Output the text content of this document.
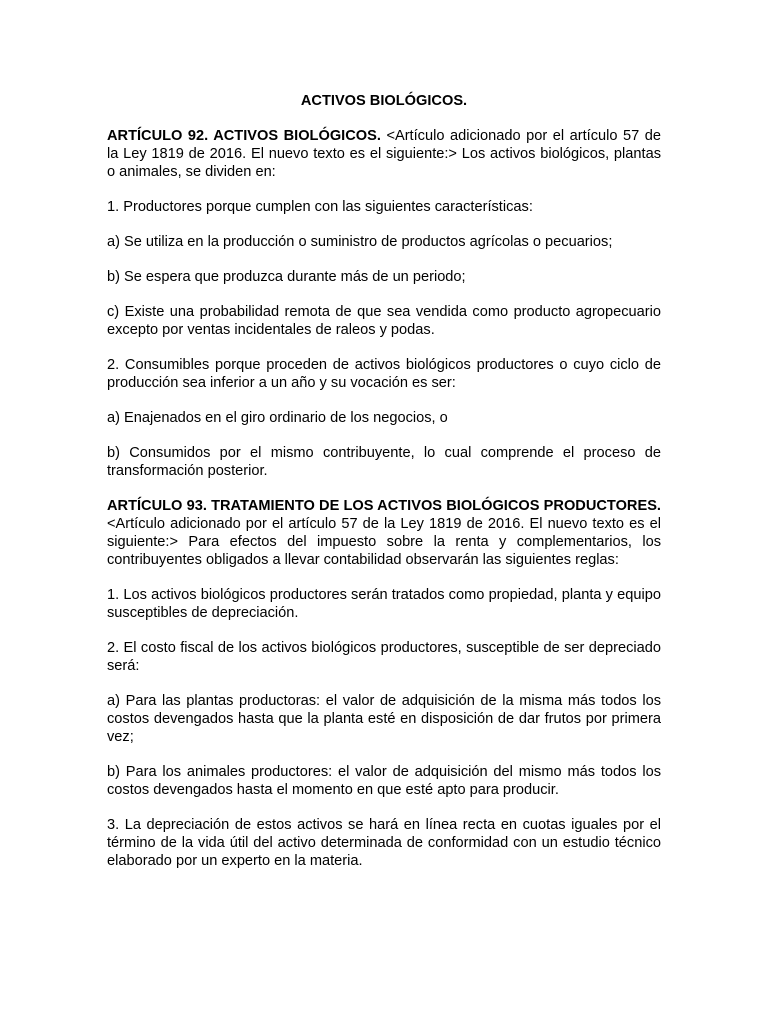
ACTIVOS BIOLÓGICOS.

ARTÍCULO 92. ACTIVOS BIOLÓGICOS. <Artículo adicionado por el artículo 57 de la Ley 1819 de 2016. El nuevo texto es el siguiente:> Los activos biológicos, plantas o animales, se dividen en:

1. Productores porque cumplen con las siguientes características:

a) Se utiliza en la producción o suministro de productos agrícolas o pecuarios;

b) Se espera que produzca durante más de un periodo;

c) Existe una probabilidad remota de que sea vendida como producto agropecuario excepto por ventas incidentales de raleos y podas.

2. Consumibles porque proceden de activos biológicos productores o cuyo ciclo de producción sea inferior a un año y su vocación es ser:

a) Enajenados en el giro ordinario de los negocios, o

b) Consumidos por el mismo contribuyente, lo cual comprende el proceso de transformación posterior.

ARTÍCULO 93. TRATAMIENTO DE LOS ACTIVOS BIOLÓGICOS PRODUCTORES. <Artículo adicionado por el artículo 57 de la Ley 1819 de 2016. El nuevo texto es el siguiente:> Para efectos del impuesto sobre la renta y complementarios, los contribuyentes obligados a llevar contabilidad observarán las siguientes reglas:

1. Los activos biológicos productores serán tratados como propiedad, planta y equipo susceptibles de depreciación.

2. El costo fiscal de los activos biológicos productores, susceptible de ser depreciado será:

a) Para las plantas productoras: el valor de adquisición de la misma más todos los costos devengados hasta que la planta esté en disposición de dar frutos por primera vez;

b) Para los animales productores: el valor de adquisición del mismo más todos los costos devengados hasta el momento en que esté apto para producir.

3. La depreciación de estos activos se hará en línea recta en cuotas iguales por el término de la vida útil del activo determinada de conformidad con un estudio técnico elaborado por un experto en la materia.
